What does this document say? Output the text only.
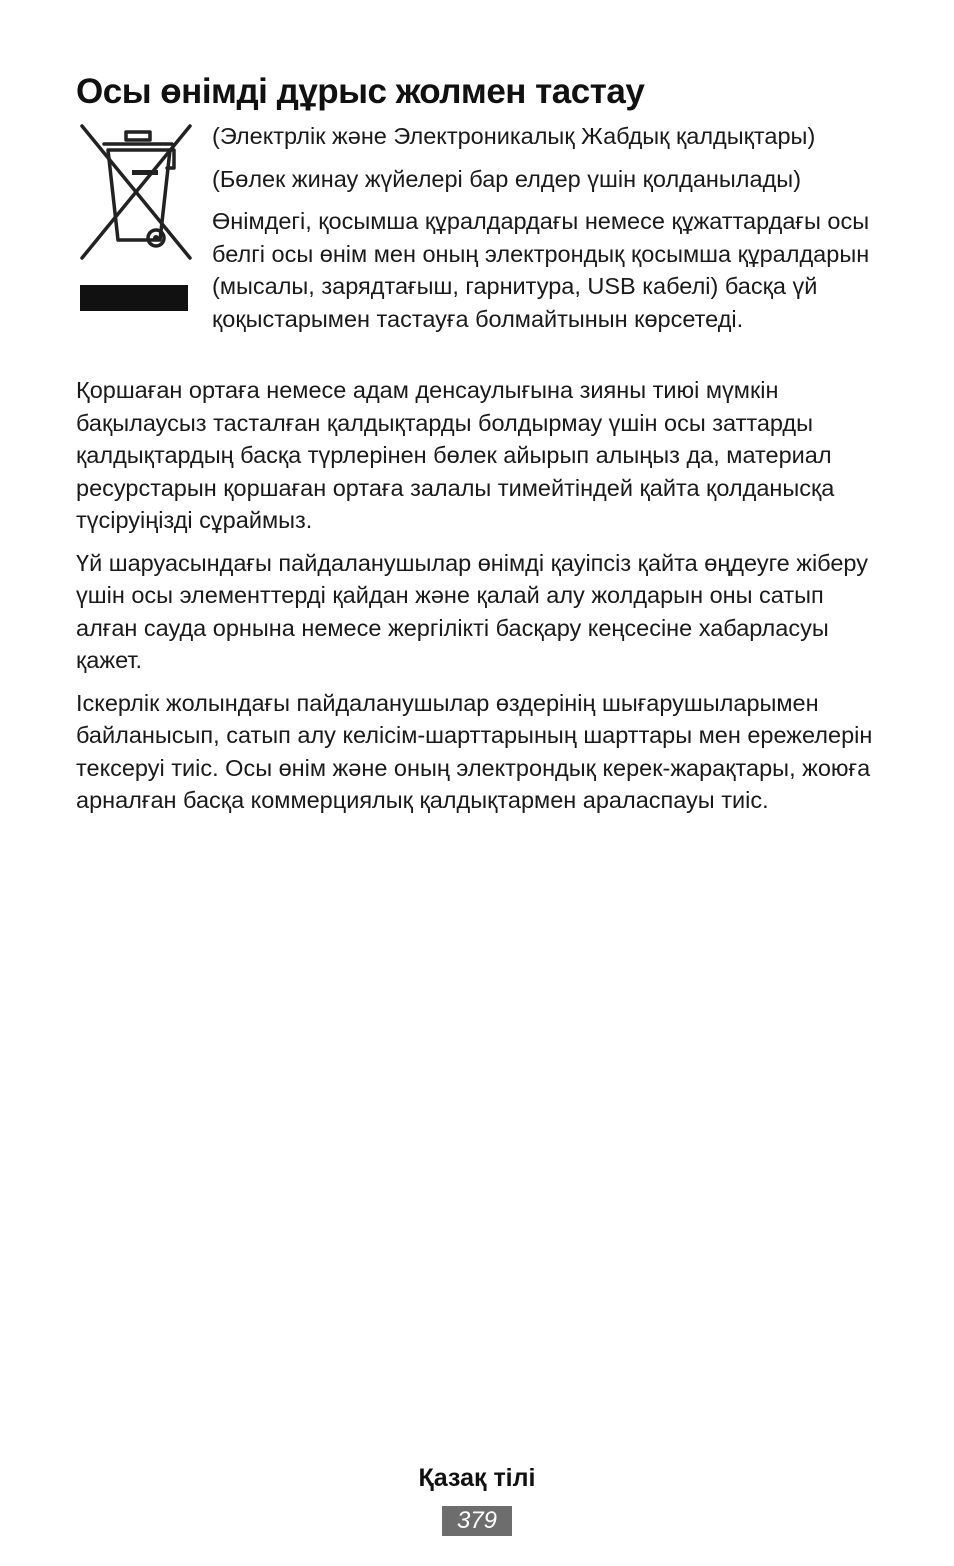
Осы өнімді дұрыс жолмен тастау

(Электрлік және Электроникалық Жабдық қалдықтары)

(Бөлек жинау жүйелері бар елдер үшін қолданылады)

Өнімдегі, қосымша құралдардағы немесе құжаттардағы осы белгі осы өнім мен оның электрондық қосымша құралдарын (мысалы, зарядтағыш, гарнитура, USB кабелі) басқа үй қоқыстарымен тастауға болмайтынын көрсетеді.

Қоршаған ортаға немесе адам денсаулығына зияны тиюі мүмкін бақылаусыз тасталған қалдықтарды болдырмау үшін осы заттарды қалдықтардың басқа түрлерінен бөлек айырып алыңыз да, материал ресурстарын қоршаған ортаға залалы тимейтіндей қайта қолданысқа түсіруіңізді сұраймыз.

Үй шаруасындағы пайдаланушылар өнімді қауіпсіз қайта өңдеуге жіберу үшін осы элементтерді қайдан және қалай алу жолдарын оны сатып алған сауда орнына немесе жергілікті басқару кеңсесіне хабарласуы қажет.

Іскерлік жолындағы пайдаланушылар өздерінің шығарушыларымен байланысып, сатып алу келісім-шарттарының шарттары мен ережелерін тексеруі тиіс. Осы өнім және оның электрондық керек-жарақтары, жоюға арналған басқа коммерциялық қалдықтармен араласпауы тиіс.

Қазақ тілі
379
